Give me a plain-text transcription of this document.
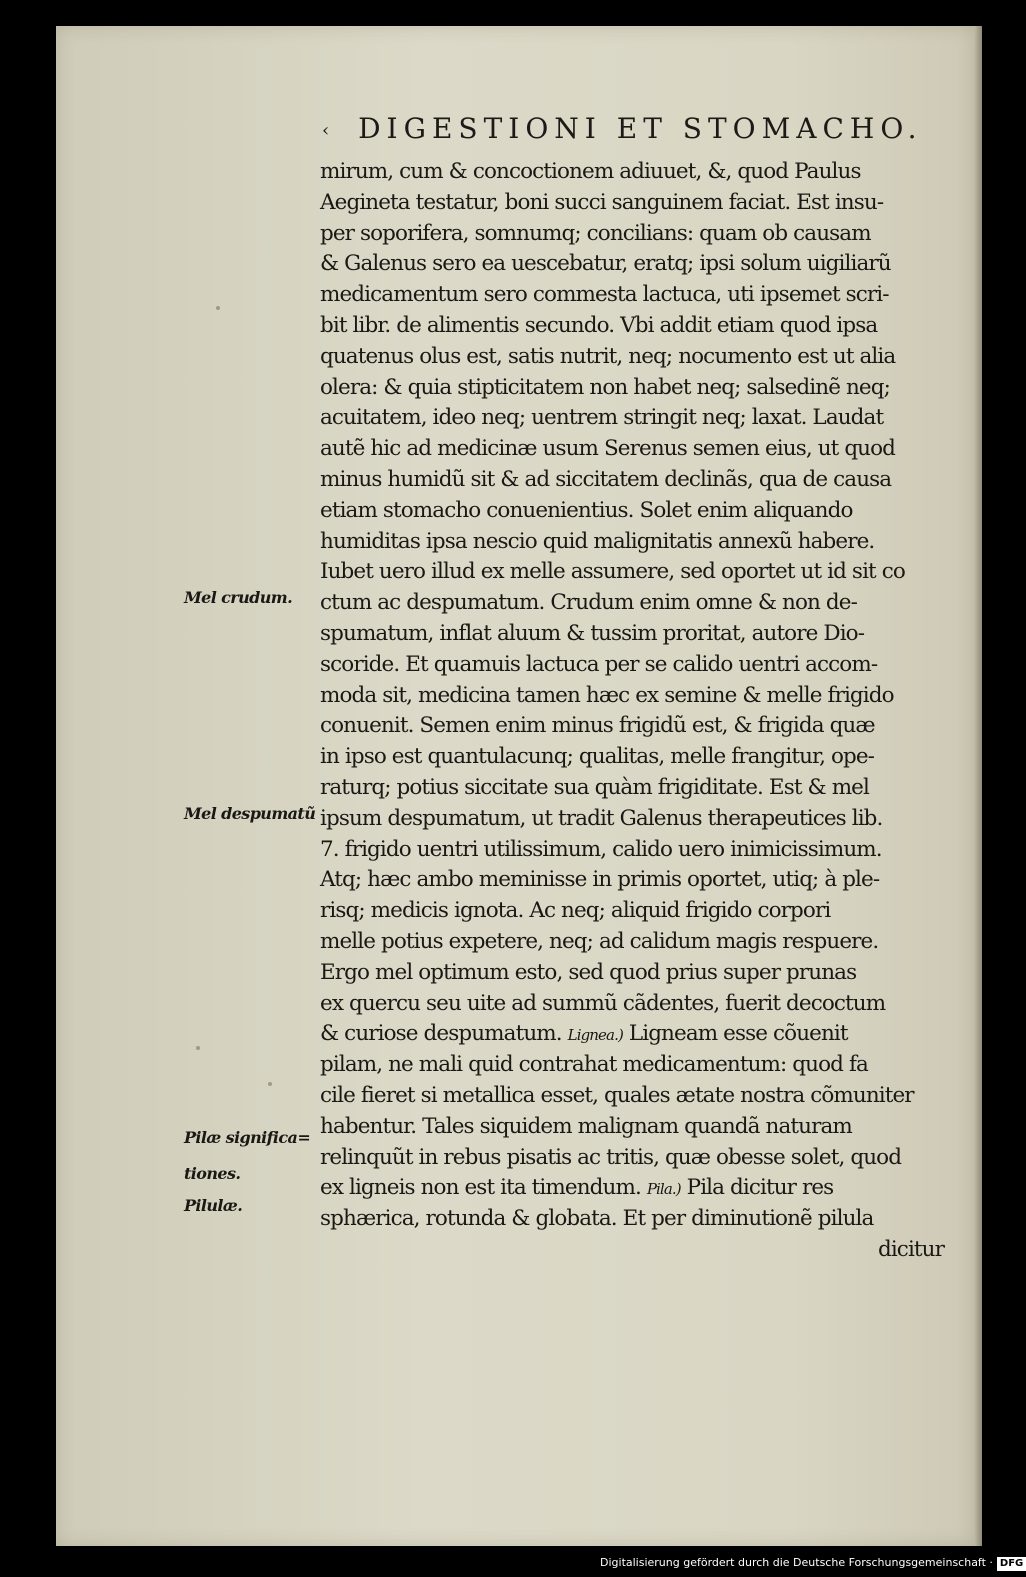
‹ DIGESTIONI ET STOMACHO.
mirum, cum & concoctionem adiuuet, &, quod Paulus
Aegineta testatur, boni succi sanguinem faciat. Est insu-
per soporifera, somnumq; concilians: quam ob causam
& Galenus sero ea uescebatur, eratq; ipsi solum uigiliarũ
medicamentum sero commesta lactuca, uti ipsemet scri-
bit libr. de alimentis secundo. Vbi addit etiam quod ipsa
quatenus olus est, satis nutrit, neq; nocumento est ut alia
olera: & quia stipticitatem non habet neq; salsedinẽ neq;
acuitatem, ideo neq; uentrem stringit neq; laxat. Laudat
autẽ hic ad medicinæ usum Serenus semen eius, ut quod
minus humidũ sit & ad siccitatem declinãs, qua de causa
etiam stomacho conuenientius. Solet enim aliquando
humiditas ipsa nescio quid malignitatis annexũ habere.
Iubet uero illud ex melle assumere, sed oportet ut id sit co
ctum ac despumatum. Crudum enim omne & non de-
spumatum, inflat aluum & tussim proritat, autore Dio-
scoride. Et quamuis lactuca per se calido uentri accom-
moda sit, medicina tamen hæc ex semine & melle frigido
conuenit. Semen enim minus frigidũ est, & frigida quæ
in ipso est quantulacunq; qualitas, melle frangitur, ope-
raturq; potius siccitate sua quàm frigiditate. Est & mel
ipsum despumatum, ut tradit Galenus therapeutices lib.
7. frigido uentri utilissimum, calido uero inimicissimum.
Atq; hæc ambo meminisse in primis oportet, utiq; à ple-
risq; medicis ignota. Ac neq; aliquid frigido corpori
melle potius expetere, neq; ad calidum magis respuere.
Ergo mel optimum esto, sed quod prius super prunas
ex quercu seu uite ad summũ cãdentes, fuerit decoctum
& curiose despumatum. Lignea.) Ligneam esse cõuenit
pilam, ne mali quid contrahat medicamentum: quod fa
cile fieret si metallica esset, quales ætate nostra cõmuniter
habentur. Tales siquidem malignam quandã naturam
relinquũt in rebus pisatis ac tritis, quæ obesse solet, quod
ex ligneis non est ita timendum. Pila.) Pila dicitur res
sphærica, rotunda & globata. Et per diminutionẽ pilula
dicitur
Mel crudum.
Mel despumatũ
Pilæ significa=
tiones.
Pilulæ.
Digitalisierung gefördert durch die Deutsche Forschungsgemeinschaft · DFG
